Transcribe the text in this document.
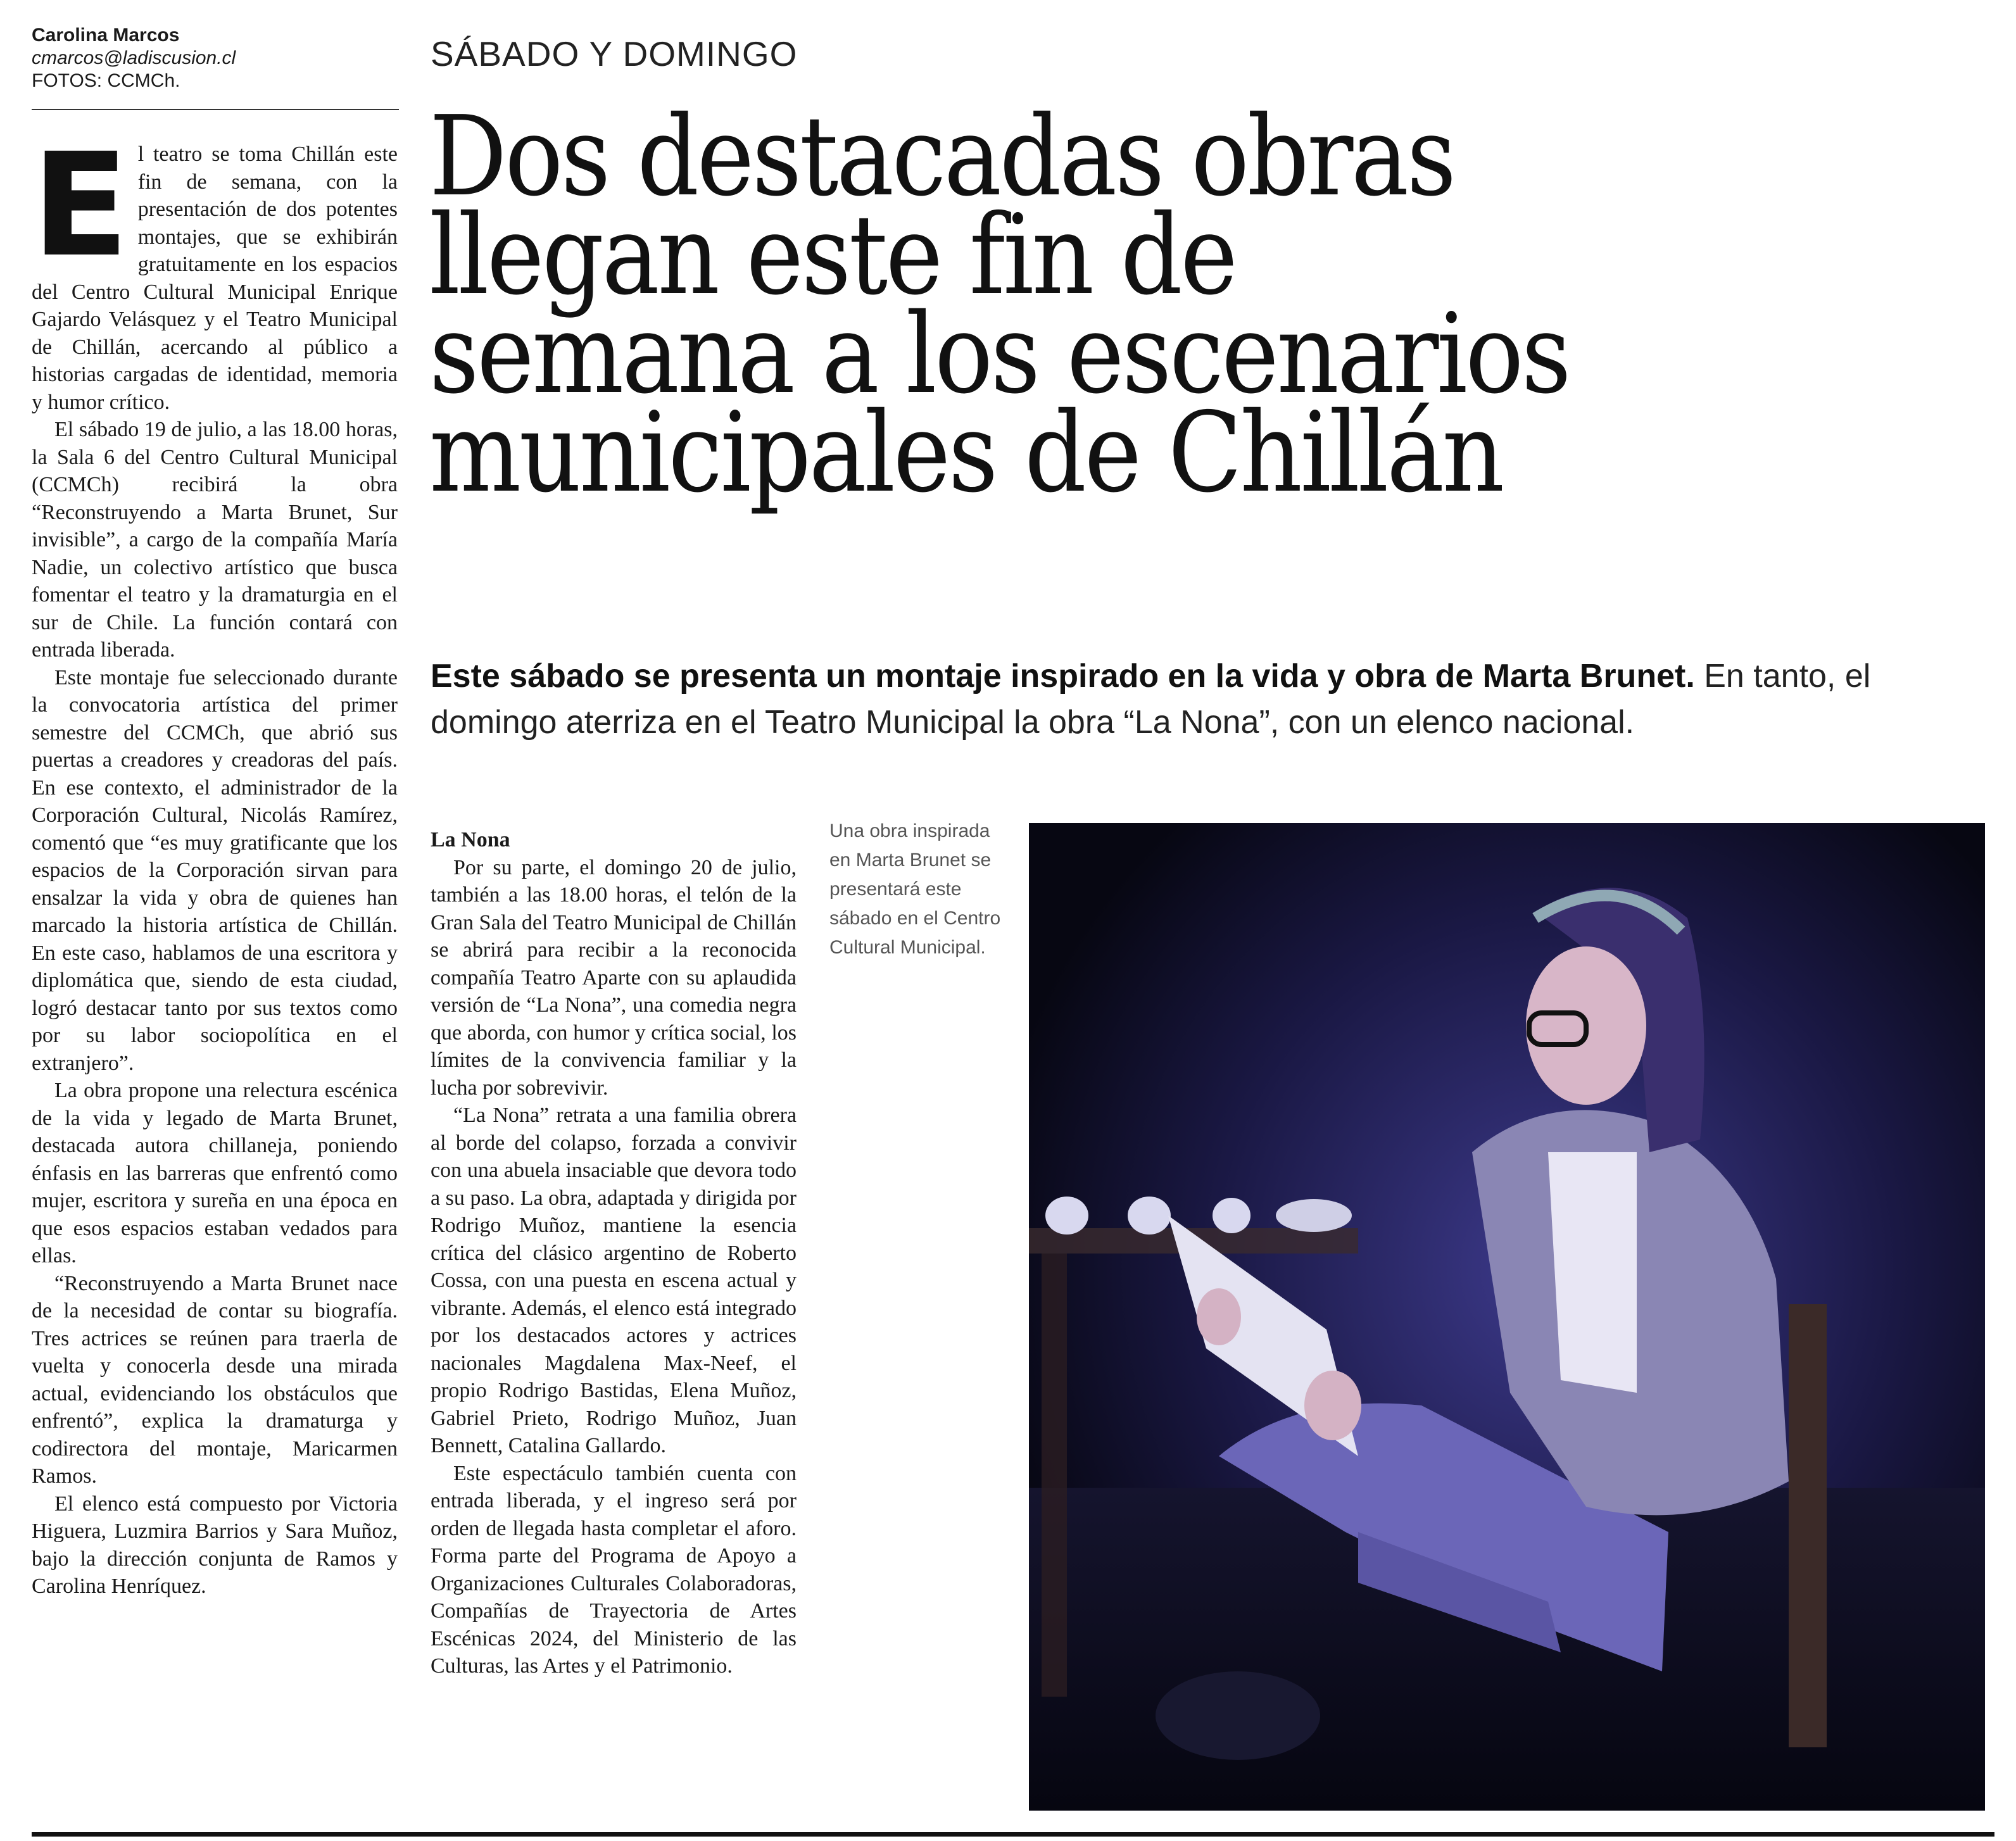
Carolina Marcos
cmarcos@ladiscusion.cl
FOTOS: CCMCh.
SÁBADO Y DOMINGO
Dos destacadas obras
llegan este fin de
semana a los escenarios
municipales de Chillán
Este sábado se presenta un montaje inspirado en la vida y obra de Marta Brunet. En tanto, el domingo aterriza en el Teatro Municipal la obra “La Nona”, con un elenco nacional.

El teatro se toma Chillán este fin de semana, con la presentación de dos potentes montajes, que se exhibirán gratuitamente en los espacios del Centro Cultural Municipal Enrique Gajardo Velásquez y el Teatro Municipal de Chillán, acercando al público a historias cargadas de identidad, memoria y humor crítico.

El sábado 19 de julio, a las 18.00 horas, la Sala 6 del Centro Cultural Municipal (CCMCh) recibirá la obra “Reconstruyendo a Marta Brunet, Sur invisible”, a cargo de la compañía María Nadie, un colectivo artístico que busca fomentar el teatro y la dramaturgia en el sur de Chile. La función contará con entrada liberada.

Este montaje fue seleccionado durante la convocatoria artística del primer semestre del CCMCh, que abrió sus puertas a creadores y creadoras del país. En ese contexto, el administrador de la Corporación Cultural, Nicolás Ramírez, comentó que “es muy gratificante que los espacios de la Corporación sirvan para ensalzar la vida y obra de quienes han marcado la historia artística de Chillán. En este caso, hablamos de una escritora y diplomática que, siendo de esta ciudad, logró destacar tanto por sus textos como por su labor sociopolítica en el extranjero”.

La obra propone una relectura escénica de la vida y legado de Marta Brunet, destacada autora chillaneja, poniendo énfasis en las barreras que enfrentó como mujer, escritora y sureña en una época en que esos espacios estaban vedados para ellas.

“Reconstruyendo a Marta Brunet nace de la necesidad de contar su biografía. Tres actrices se reúnen para traerla de vuelta y conocerla desde una mirada actual, evidenciando los obstáculos que enfrentó”, explica la dramaturga y codirectora del montaje, Maricarmen Ramos.

El elenco está compuesto por Victoria Higuera, Luzmira Barrios y Sara Muñoz, bajo la dirección conjunta de Ramos y Carolina Henríquez.

La Nona

Por su parte, el domingo 20 de julio, también a las 18.00 horas, el telón de la Gran Sala del Teatro Municipal de Chillán se abrirá para recibir a la reconocida compañía Teatro Aparte con su aplaudida versión de “La Nona”, una comedia negra que aborda, con humor y crítica social, los límites de la convivencia familiar y la lucha por sobrevivir.

“La Nona” retrata a una familia obrera al borde del colapso, forzada a convivir con una abuela insaciable que devora todo a su paso. La obra, adaptada y dirigida por Rodrigo Muñoz, mantiene la esencia crítica del clásico argentino de Roberto Cossa, con una puesta en escena actual y vibrante. Además, el elenco está integrado por los destacados actores y actrices nacionales Magdalena Max-Neef, el propio Rodrigo Bastidas, Elena Muñoz, Gabriel Prieto, Rodrigo Muñoz, Juan Bennett, Catalina Gallardo.

Este espectáculo también cuenta con entrada liberada, y el ingreso será por orden de llegada hasta completar el aforo. Forma parte del Programa de Apoyo a Organizaciones Culturales Colaboradoras, Compañías de Trayectoria de Artes Escénicas 2024, del Ministerio de las Culturas, las Artes y el Patrimonio.

Una obra inspirada en Marta Brunet se presentará este sábado en el Centro Cultural Municipal.
